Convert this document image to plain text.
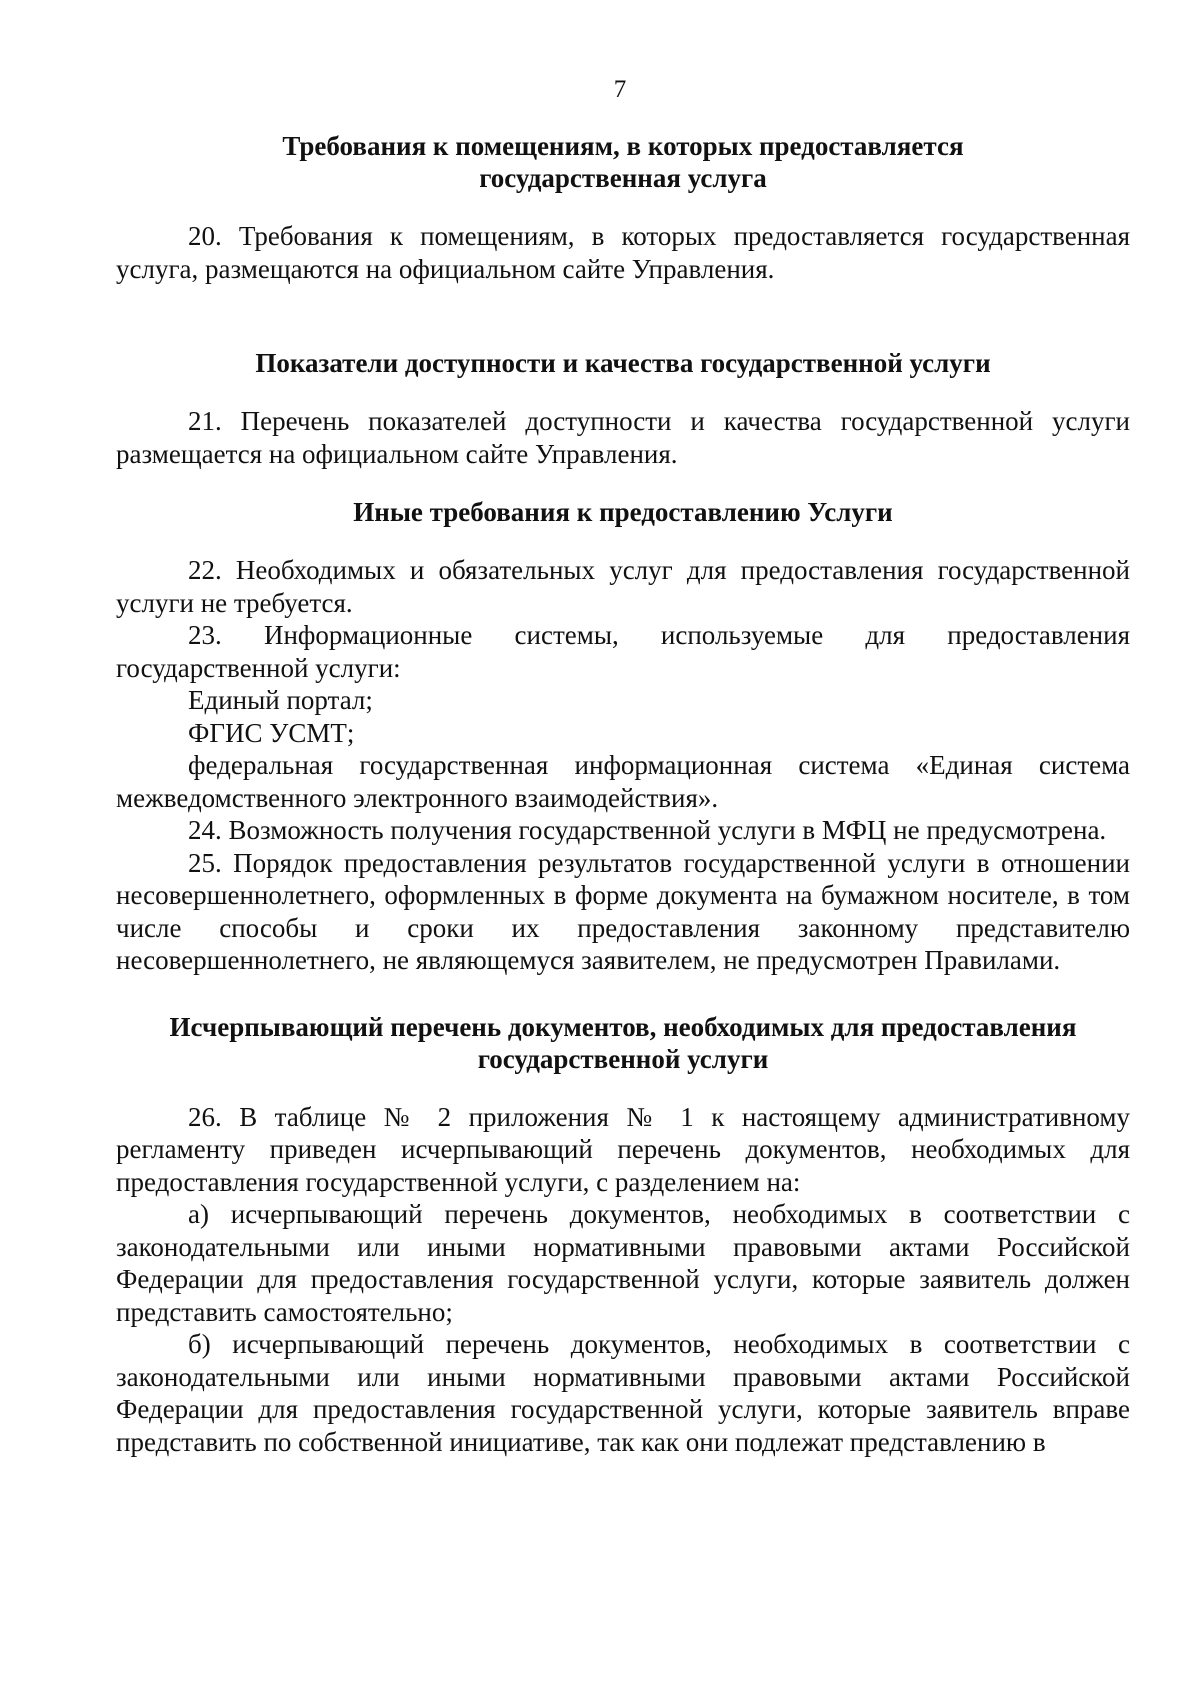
7
Требования к помещениям, в которых предоставляется
государственная услуга

20. Требования к помещениям, в которых предоставляется государственная услуга, размещаются на официальном сайте Управления.

Показатели доступности и качества государственной услуги

21. Перечень показателей доступности и качества государственной услуги размещается на официальном сайте Управления.

Иные требования к предоставлению Услуги

22. Необходимых и обязательных услуг для предоставления государственной услуги не требуется.

23. Информационные системы, используемые для предоставления государственной услуги:

Единый портал;

ФГИС УСМТ;

федеральная государственная информационная система «Единая система межведомственного электронного взаимодействия».

24. Возможность получения государственной услуги в МФЦ не предусмотрена.

25. Порядок предоставления результатов государственной услуги в отношении несовершеннолетнего, оформленных в форме документа на бумажном носителе, в том числе способы и сроки их предоставления законному представителю несовершеннолетнего, не являющемуся заявителем, не предусмотрен Правилами.

Исчерпывающий перечень документов, необходимых для предоставления
государственной услуги

26. В таблице № 2 приложения № 1 к настоящему административному регламенту приведен исчерпывающий перечень документов, необходимых для предоставления государственной услуги, с разделением на:

а) исчерпывающий перечень документов, необходимых в соответствии с законодательными или иными нормативными правовыми актами Российской Федерации для предоставления государственной услуги, которые заявитель должен представить самостоятельно;

б) исчерпывающий перечень документов, необходимых в соответствии с законодательными или иными нормативными правовыми актами Российской Федерации для предоставления государственной услуги, которые заявитель вправе представить по собственной инициативе, так как они подлежат представлению в
